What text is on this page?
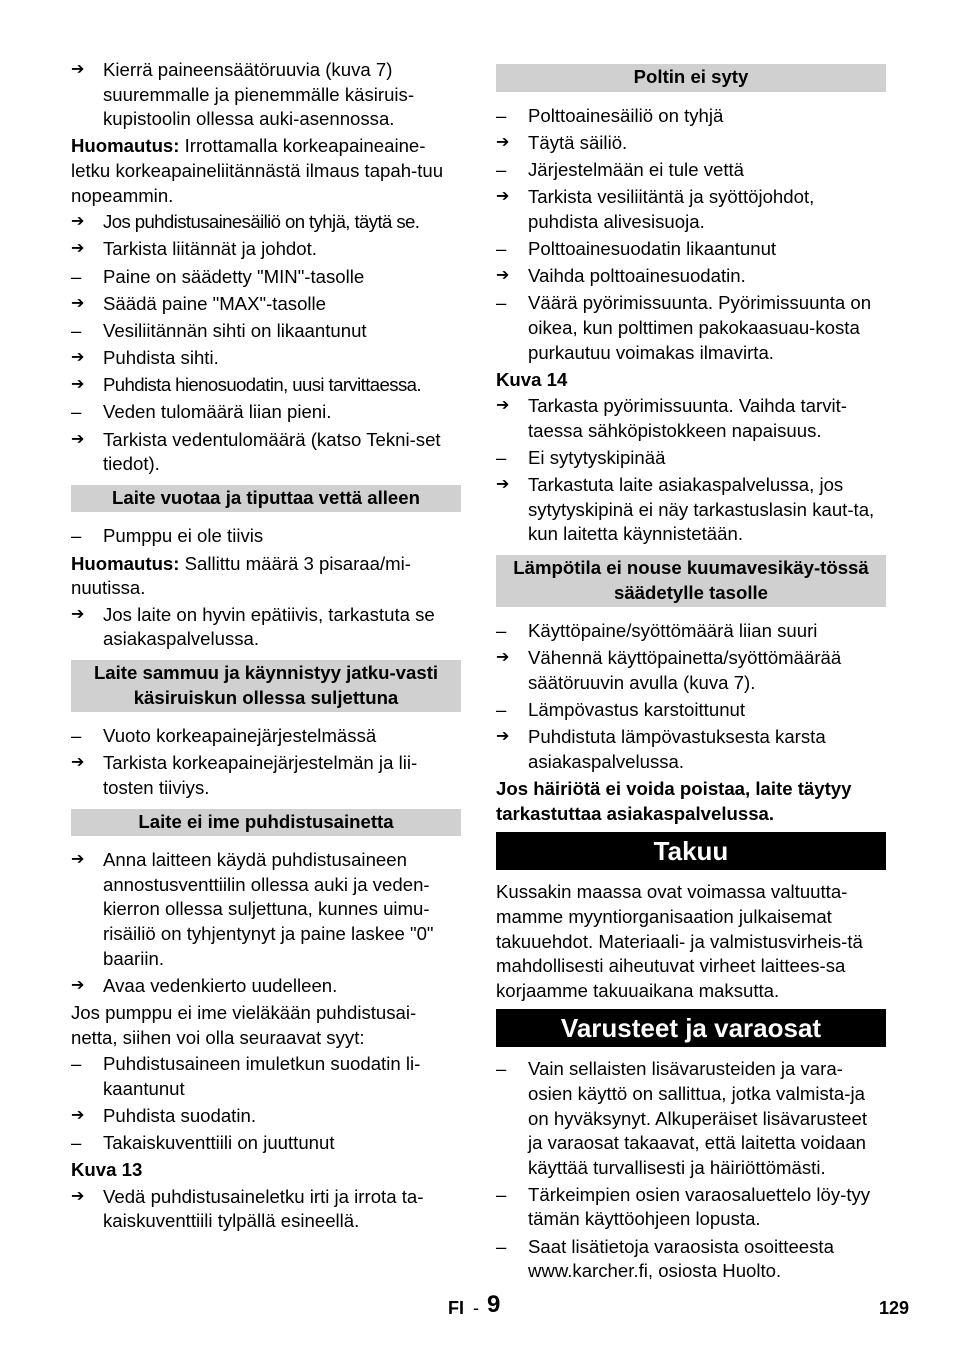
➔ Kierrä paineensäätöruuvia (kuva 7) suuremmalle ja pienemmälle käsiruis-kupistoolin ollessa auki-asennossa.
Huomautus: Irrottamalla korkeapaineaine-letku korkeapaineliitännästä ilmaus tapah-tuu nopeammin.
➔ Jos puhdistusainesäiliö on tyhjä, täytä se.
➔ Tarkista liitännät ja johdot.
–	Paine on säädetty "MIN"-tasolle
➔ Säädä paine "MAX"-tasolle
–	Vesiliitännän sihti on likaantunut
➔ Puhdista sihti.
➔ Puhdista hienosuodatin, uusi tarvittaessa.
–	Veden tulomäärä liian pieni.
➔ Tarkista vedentulomäärä (katso Tekni-set tiedot).
Laite vuotaa ja tiputtaa vettä alleen
–	Pumppu ei ole tiivis
Huomautus: Sallittu määrä 3 pisaraa/mi-nuutissa.
➔ Jos laite on hyvin epätiivis, tarkastuta se asiakaspalvelussa.
Laite sammuu ja käynnistyy jatku-vasti käsiruiskun ollessa suljettuna
–	Vuoto korkeapainejärjestelmässä
➔ Tarkista korkeapainejärjestelmän ja lii-tosten tiiviys.
Laite ei ime puhdistusainetta
➔ Anna laitteen käydä puhdistusaineen annostusventtiilin ollessa auki ja veden-kierron ollessa suljettuna, kunnes uimu-risäiliö on tyhjentynyt ja paine laskee "0" baariin.
➔ Avaa vedenkierto uudelleen.
Jos pumppu ei ime vieläkään puhdistusai-netta, siihen voi olla seuraavat syyt:
–	Puhdistusaineen imuletkun suodatin li-kaantunut
➔ Puhdista suodatin.
–	Takaiskuventtiili on juuttunut
Kuva 13
➔ Vedä puhdistusaineletku irti ja irrota ta-kaiskuventtiili tylpällä esineellä.
Poltin ei syty
–	Polttoainesäiliö on tyhjä
➔ Täytä säiliö.
–	Järjestelmään ei tule vettä
➔ Tarkista vesiliitäntä ja syöttöjohdot, puhdista alivesisuoja.
–	Polttoainesuodatin likaantunut
➔ Vaihda polttoainesuodatin.
–	Väärä pyörimissuunta. Pyörimissuunta on oikea, kun polttimen pakokaasuau-kosta purkautuu voimakas ilmavirta.
Kuva 14
➔ Tarkasta pyörimissuunta. Vaihda tarvit-taessa sähköpistokkeen napaisuus.
–	Ei sytytyskipinää
➔ Tarkastuta laite asiakaspalvelussa, jos sytytyskipinä ei näy tarkastuslasin kaut-ta, kun laitetta käynnistetään.
Lämpötila ei nouse kuumavesikäy-tössä säädetylle tasolle
–	Käyttöpaine/syöttömäärä liian suuri
➔ Vähennä käyttöpainetta/syöttömäärää säätöruuvin avulla (kuva 7).
–	Lämpövastus karstoittunut
➔ Puhdistuta lämpövastuksesta karsta asiakaspalvelussa.
Jos häiriötä ei voida poistaa, laite täytyy tarkastuttaa asiakaspalvelussa.
Takuu
Kussakin maassa ovat voimassa valtuutta-mamme myyntiorganisaation julkaisemat takuuehdot. Materiaali- ja valmistusvirheis-tä mahdollisesti aiheutuvat virheet laittees-sa korjaamme takuuaikana maksutta.
Varusteet ja varaosat
–	Vain sellaisten lisävarusteiden ja vara-osien käyttö on sallittua, jotka valmista-ja on hyväksynyt. Alkuperäiset lisävarusteet ja varaosat takaavat, että laitetta voidaan käyttää turvallisesti ja häiriöttömästi.
–	Tärkeimpien osien varaosaluettelo löy-tyy tämän käyttöohjeen lopusta.
–	Saat lisätietoja varaosista osoitteesta www.karcher.fi, osiosta Huolto.
FI - 9	129
